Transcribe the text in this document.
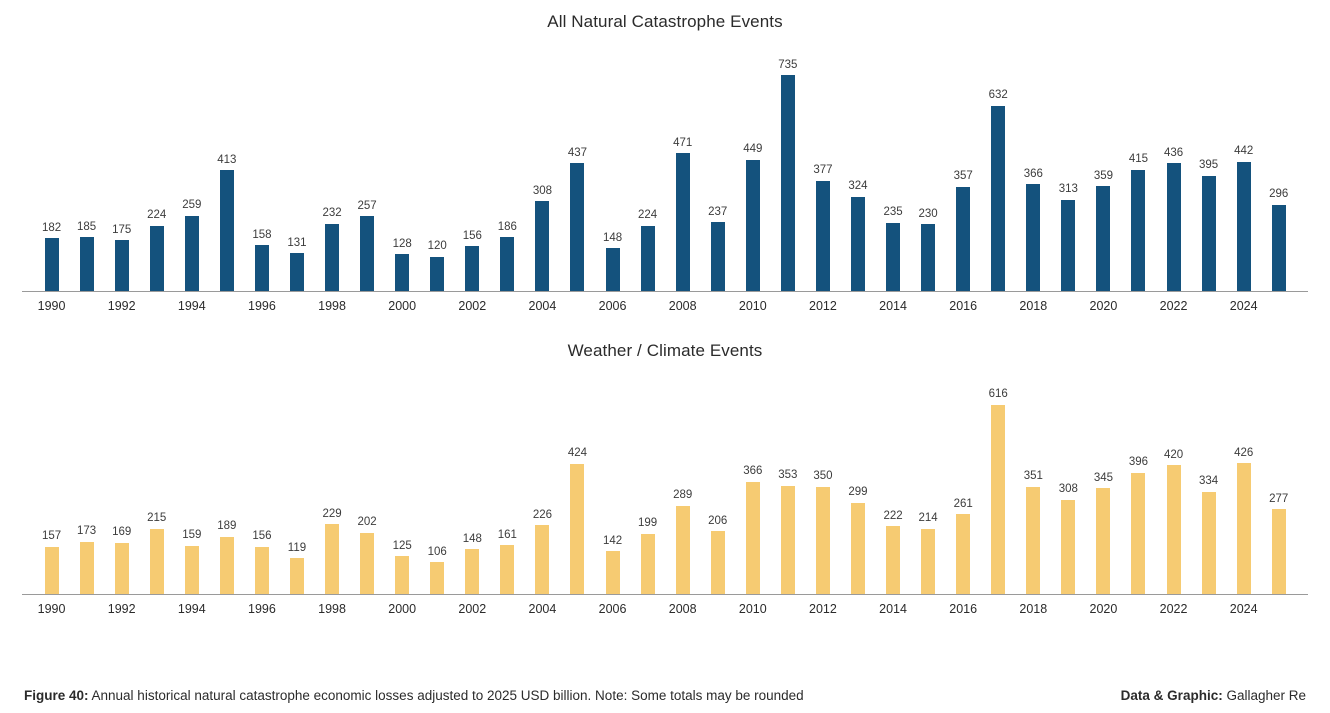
All Natural Catastrophe Events
182 185 175
224
259
413
158
131
232
257
128 120
156
186
308
437
148
224
471
237
449
735
377
324
235 230
357
632
366
313
359
415
436
395
442
296
1990	1992	1994	1996	1998	2000	2002	2004	2006	2008	2010	2012	2014	2016	2018	2020	2022	2024
Weather / Climate Events
157 173 169
215
159
189
156
119
229
202
125 106
148 161
226
424
142
199
289
206
366 353 350
299
222 214
261
616
351
308
345
396
420
334
426
277
1990	1992	1994	1996	1998	2000	2002	2004	2006	2008	2010	2012	2014	2016	2018	2020	2022	2024
Figure 40: Annual historical natural catastrophe economic losses adjusted to 2025 USD billion. Note: Some totals may be rounded	Data & Graphic: Gallagher Re
